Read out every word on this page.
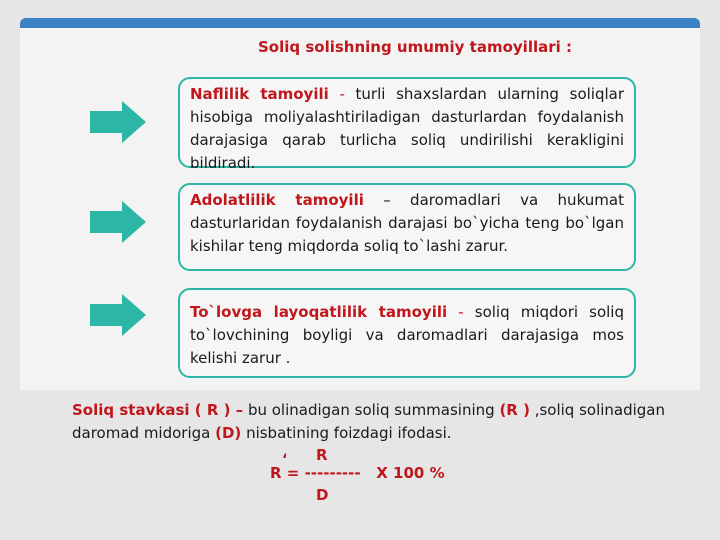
Soliq solishning umumiy tamoyillari :
Naflilik tamoyili - turli shaxslardan ularning soliqlar hisobiga moliyalashtiriladigan dasturlardan foydalanish darajasiga qarab turlicha soliq undirilishi kerakligini bildiradi.
Adolatlilik tamoyili – daromadlari va hukumat dasturlaridan foydalanish darajasi bo`yicha teng bo`lgan kishilar teng miqdorda soliq to`lashi zarur.
To`lovga layoqatlilik tamoyili - soliq miqdori soliq to`lovchining boyligi va daromadlari darajasiga mos kelishi zarur .
Soliq stavkasi ( R ) – bu olinadigan soliq summasining (R ) ,soliq solinadigan daromad midoriga (D) nisbatining foizdagi ifodasi.
R
R = ---------   X 100 %
‘
D
